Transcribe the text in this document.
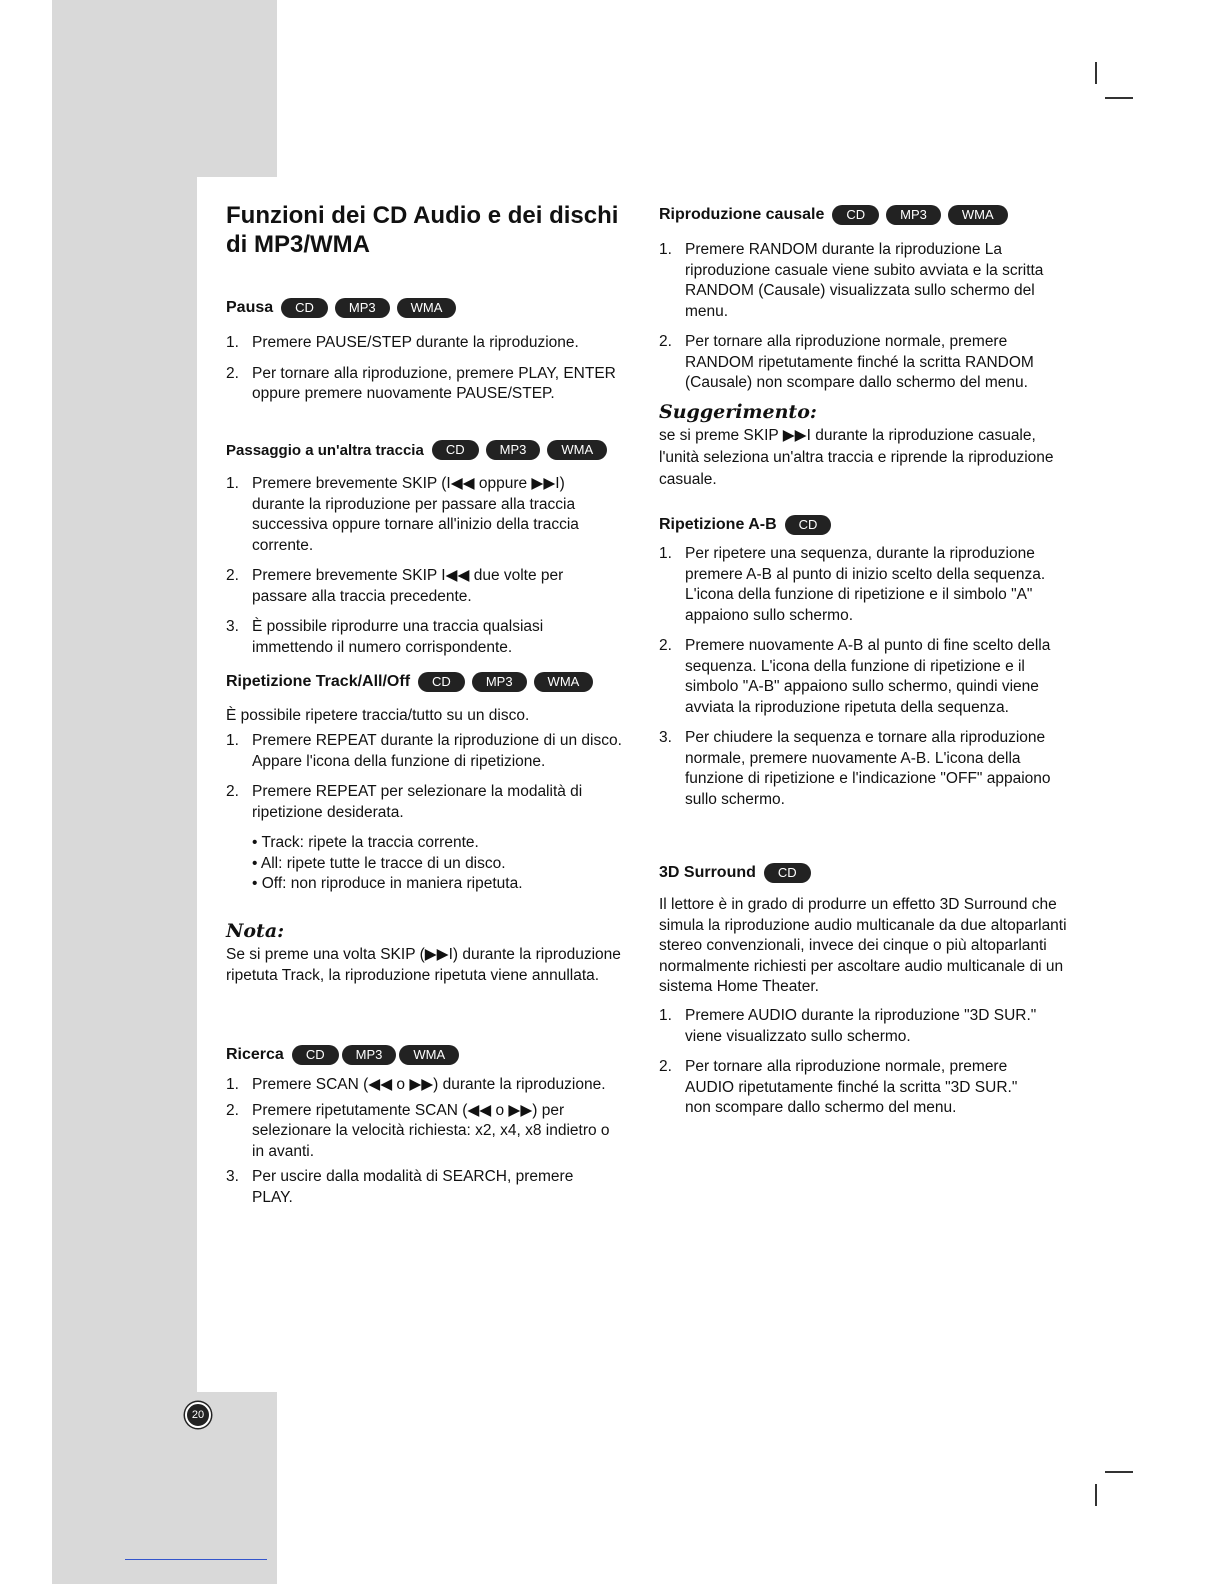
Funzioni dei CD Audio e dei dischi
di MP3/WMA
Pausa	CD	MP3	WMA
1. Premere PAUSE/STEP durante la riproduzione.
2. Per tornare alla riproduzione, premere PLAY, ENTER oppure premere nuovamente PAUSE/STEP.
Passaggio a un'altra traccia	CD	MP3	WMA
1. Premere brevemente SKIP (I◀◀ oppure ▶▶I) durante la riproduzione per passare alla traccia successiva oppure tornare all'inizio della traccia corrente.
2. Premere brevemente SKIP I◀◀ due volte per passare alla traccia precedente.
3. È possibile riprodurre una traccia qualsiasi immettendo il numero corrispondente.
Ripetizione Track/All/Off	CD	MP3	WMA

È possibile ripetere traccia/tutto su un disco.

1. Premere REPEAT durante la riproduzione di un disco. Appare l'icona della funzione di ripetizione.
2. Premere REPEAT per selezionare la modalità di ripetizione desiderata.
• Track: ripete la traccia corrente.
• All: ripete tutte le tracce di un disco.
• Off: non riproduce in maniera ripetuta.
Nota:

Se si preme una volta SKIP (▶▶I) durante la riproduzione ripetuta Track, la riproduzione ripetuta viene annullata.

Ricerca	CD	MP3	WMA
1. Premere SCAN (◀◀ o ▶▶) durante la riproduzione.
2. Premere ripetutamente SCAN (◀◀ o ▶▶) per selezionare la velocità richiesta: x2, x4, x8 indietro o in avanti.
3. Per uscire dalla modalità di SEARCH, premere PLAY.
Riproduzione causale	CD	MP3	WMA
1. Premere RANDOM durante la riproduzione La riproduzione casuale viene subito avviata e la scritta RANDOM (Causale) visualizzata sullo schermo del menu.
2. Per tornare alla riproduzione normale, premere RANDOM ripetutamente finché la scritta RANDOM (Causale) non scompare dallo schermo del menu.
Suggerimento:

se si preme SKIP ▶▶I durante la riproduzione casuale, l'unità seleziona un'altra traccia e riprende la riproduzione casuale.

Ripetizione A-B	CD
1. Per ripetere una sequenza, durante la riproduzione premere A-B al punto di inizio scelto della sequenza. L'icona della funzione di ripetizione e il simbolo "A" appaiono sullo schermo.
2. Premere nuovamente A-B al punto di fine scelto della sequenza. L'icona della funzione di ripetizione e il simbolo "A-B" appaiono sullo schermo, quindi viene avviata la riproduzione ripetuta della sequenza.
3. Per chiudere la sequenza e tornare alla riproduzione normale, premere nuovamente A-B. L'icona della funzione di ripetizione e l'indicazione "OFF" appaiono sullo schermo.
3D Surround	CD

Il lettore è in grado di produrre un effetto 3D Surround che simula la riproduzione audio multicanale da due altoparlanti stereo convenzionali, invece dei cinque o più altoparlanti normalmente richiesti per ascoltare audio multicanale di un sistema Home Theater.

1. Premere AUDIO durante la riproduzione "3D SUR." viene visualizzato sullo schermo.
2. Per tornare alla riproduzione normale, premere AUDIO ripetutamente finché la scritta "3D SUR." non scompare dallo schermo del menu.
20
